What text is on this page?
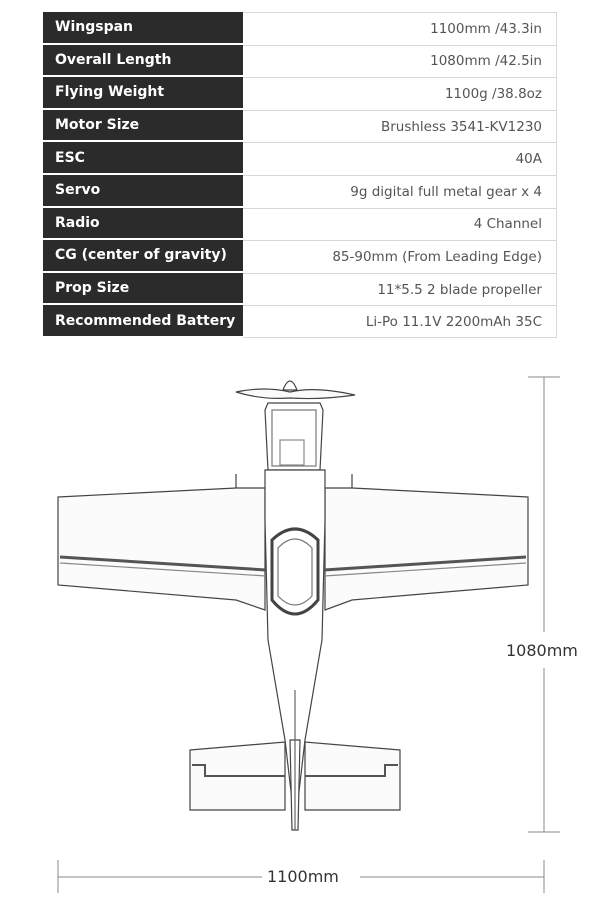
Wingspan	1100mm /43.3in
Overall Length	1080mm /42.5in
Flying Weight	1100g /38.8oz
Motor Size	Brushless 3541-KV1230
ESC	40A
Servo	9g digital full metal gear x 4
Radio	4 Channel
CG (center of gravity)	85-90mm (From Leading Edge)
Prop Size	11*5.5 2 blade propeller
Recommended Battery	Li-Po 11.1V 2200mAh 35C
1080mm
1100mm
